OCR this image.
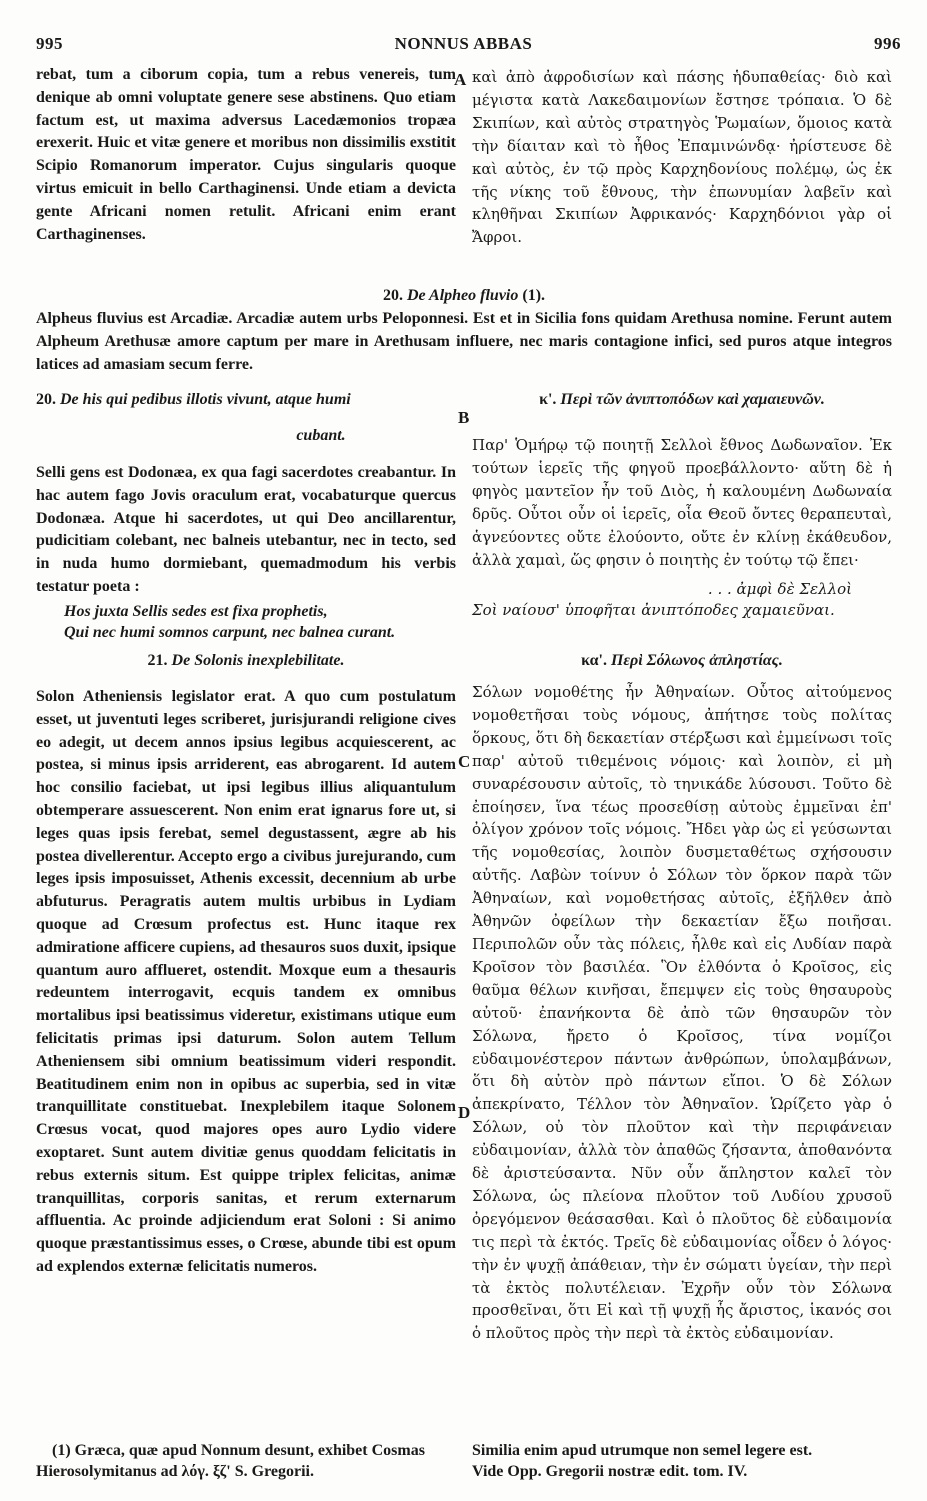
995	NONNUS ABBAS	996
A
B
C
D

rebat, tum a ciborum copia, tum a rebus venereis, tum denique ab omni voluptate genere sese abstinens. Quo etiam factum est, ut maxima adversus Lacedæmonios tropæa erexerit. Huic et vitæ genere et moribus non dissimilis exstitit Scipio Romanorum imperator. Cujus singularis quoque virtus emicuit in bello Carthaginensi. Unde etiam a devicta gente Africani nomen retulit. Africani enim erant Carthaginenses.

καὶ ἀπὸ ἀφροδισίων καὶ πάσης ἡδυπαθείας· διὸ καὶ μέγιστα κατὰ Λακεδαιμονίων ἔστησε τρόπαια. Ὁ δὲ Σκιπίων, καὶ αὐτὸς στρατηγὸς Ῥωμαίων, ὅμοιος κατὰ τὴν δίαιταν καὶ τὸ ἦθος Ἐπαμινώνδᾳ· ἠρίστευσε δὲ καὶ αὐτὸς, ἐν τῷ πρὸς Καρχηδονίους πολέμῳ, ὡς ἐκ τῆς νίκης τοῦ ἔθνους, τὴν ἐπωνυμίαν λαβεῖν καὶ κληθῆναι Σκιπίων Ἀφρικανός· Καρχηδόνιοι γὰρ οἱ Ἄφροι.

20. De Alpheo fluvio (1).

Alpheus fluvius est Arcadiæ. Arcadiæ autem urbs Peloponnesi. Est et in Sicilia fons quidam Arethusa nomine. Ferunt autem Alpheum Arethusæ amore captum per mare in Arethusam influere, nec maris contagione infici, sed puros atque integros latices ad amasiam secum ferre.

20. De his qui pedibus illotis vivunt, atque humi

cubant.

Selli gens est Dodonæa, ex qua fagi sacerdotes creabantur. In hac autem fago Jovis oraculum erat, vocabaturque quercus Dodonæa. Atque hi sacerdotes, ut qui Deo ancillarentur, pudicitiam colebant, nec balneis utebantur, nec in tecto, sed in nuda humo dormiebant, quemadmodum his verbis testatur poeta :

Hos juxta Sellis sedes est fixa prophetis,

Qui nec humi somnos carpunt, nec balnea curant.

κ'. Περὶ τῶν ἀνιπτοπόδων καὶ χαμαιευνῶν.

Παρ' Ὁμήρῳ τῷ ποιητῇ Σελλοὶ ἔθνος Δωδωναῖον. Ἐκ τούτων ἱερεῖς τῆς φηγοῦ προεβάλλοντο· αὕτη δὲ ἡ φηγὸς μαντεῖον ἦν τοῦ Διὸς, ἡ καλουμένη Δωδωναία δρῦς. Οὗτοι οὖν οἱ ἱερεῖς, οἷα Θεοῦ ὄντες θεραπευταὶ, ἁγνεύοντες οὔτε ἐλούοντο, οὔτε ἐν κλίνῃ ἐκάθευδον, ἀλλὰ χαμαὶ, ὥς φησιν ὁ ποιητὴς ἐν τούτῳ τῷ ἔπει·

. . . ἀμφὶ δὲ Σελλοὶ

Σοὶ ναίουσ' ὑποφῆται ἀνιπτόποδες χαμαιεῦναι.

21. De Solonis inexplebilitate.

Solon Atheniensis legislator erat. A quo cum postulatum esset, ut juventuti leges scriberet, jurisjurandi religione cives eo adegit, ut decem annos ipsius legibus acquiescerent, ac postea, si minus ipsis arriderent, eas abrogarent. Id autem hoc consilio faciebat, ut ipsi legibus illius aliquantulum obtemperare assuescerent. Non enim erat ignarus fore ut, si leges quas ipsis ferebat, semel degustassent, ægre ab his postea divellerentur. Accepto ergo a civibus jurejurando, cum leges ipsis imposuisset, Athenis excessit, decennium ab urbe abfuturus. Peragratis autem multis urbibus in Lydiam quoque ad Crœsum profectus est. Hunc itaque rex admiratione afficere cupiens, ad thesauros suos duxit, ipsique quantum auro afflueret, ostendit. Moxque eum a thesauris redeuntem interrogavit, ecquis tandem ex omnibus mortalibus ipsi beatissimus videretur, existimans utique eum felicitatis primas ipsi daturum. Solon autem Tellum Atheniensem sibi omnium beatissimum videri respondit. Beatitudinem enim non in opibus ac superbia, sed in vitæ tranquillitate constituebat. Inexplebilem itaque Solonem Crœsus vocat, quod majores opes auro Lydio videre exoptaret. Sunt autem divitiæ genus quoddam felicitatis in rebus externis situm. Est quippe triplex felicitas, animæ tranquillitas, corporis sanitas, et rerum externarum affluentia. Ac proinde adjiciendum erat Soloni : Si animo quoque præstantissimus esses, o Crœse, abunde tibi est opum ad explendos externæ felicitatis numeros.

κα'. Περὶ Σόλωνος ἀπληστίας.

Σόλων νομοθέτης ἦν Ἀθηναίων. Οὗτος αἰτούμενος νομοθετῆσαι τοὺς νόμους, ἀπήτησε τοὺς πολίτας ὅρκους, ὅτι δὴ δεκαετίαν στέρξωσι καὶ ἐμμείνωσι τοῖς παρ' αὐτοῦ τιθεμένοις νόμοις· καὶ λοιπὸν, εἰ μὴ συναρέσουσιν αὐτοῖς, τὸ τηνικάδε λύσουσι. Τοῦτο δὲ ἐποίησεν, ἵνα τέως προσεθίσῃ αὐτοὺς ἐμμεῖναι ἐπ' ὀλίγον χρόνον τοῖς νόμοις. Ἤδει γὰρ ὡς εἰ γεύσωνται τῆς νομοθεσίας, λοιπὸν δυσμεταθέτως σχήσουσιν αὐτῆς. Λαβὼν τοίνυν ὁ Σόλων τὸν ὅρκον παρὰ τῶν Ἀθηναίων, καὶ νομοθετήσας αὐτοῖς, ἐξῆλθεν ἀπὸ Ἀθηνῶν ὀφείλων τὴν δεκαετίαν ἔξω ποιῆσαι. Περιπολῶν οὖν τὰς πόλεις, ἦλθε καὶ εἰς Λυδίαν παρὰ Κροῖσον τὸν βασιλέα. Ὃν ἐλθόντα ὁ Κροῖσος, εἰς θαῦμα θέλων κινῆσαι, ἔπεμψεν εἰς τοὺς θησαυροὺς αὐτοῦ· ἐπανήκοντα δὲ ἀπὸ τῶν θησαυρῶν τὸν Σόλωνα, ἤρετο ὁ Κροῖσος, τίνα νομίζοι εὐδαιμονέστερον πάντων ἀνθρώπων, ὑπολαμβάνων, ὅτι δὴ αὐτὸν πρὸ πάντων εἴποι. Ὁ δὲ Σόλων ἀπεκρίνατο, Τέλλον τὸν Ἀθηναῖον. Ὡρίζετο γὰρ ὁ Σόλων, οὐ τὸν πλοῦτον καὶ τὴν περιφάνειαν εὐδαιμονίαν, ἀλλὰ τὸν ἀπαθῶς ζήσαντα, ἀποθανόντα δὲ ἀριστεύσαντα. Νῦν οὖν ἄπληστον καλεῖ τὸν Σόλωνα, ὡς πλείονα πλοῦτον τοῦ Λυδίου χρυσοῦ ὀρεγόμενον θεάσασθαι. Καὶ ὁ πλοῦτος δὲ εὐδαιμονία τις περὶ τὰ ἐκτός. Τρεῖς δὲ εὐδαιμονίας οἶδεν ὁ λόγος· τὴν ἐν ψυχῇ ἀπάθειαν, τὴν ἐν σώματι ὑγείαν, τὴν περὶ τὰ ἐκτὸς πολυτέλειαν. Ἐχρῆν οὖν τὸν Σόλωνα προσθεῖναι, ὅτι Εἰ καὶ τῇ ψυχῇ ἧς ἄριστος, ἱκανός σοι ὁ πλοῦτος πρὸς τὴν περὶ τὰ ἐκτὸς εὐδαιμονίαν.

(1) Græca, quæ apud Nonnum desunt, exhibet Cosmas Hierosolymitanus ad λόγ. ξζ' S. Gregorii.

Similia enim apud utrumque non semel legere est.

Vide Opp. Gregorii nostræ edit. tom. IV.
